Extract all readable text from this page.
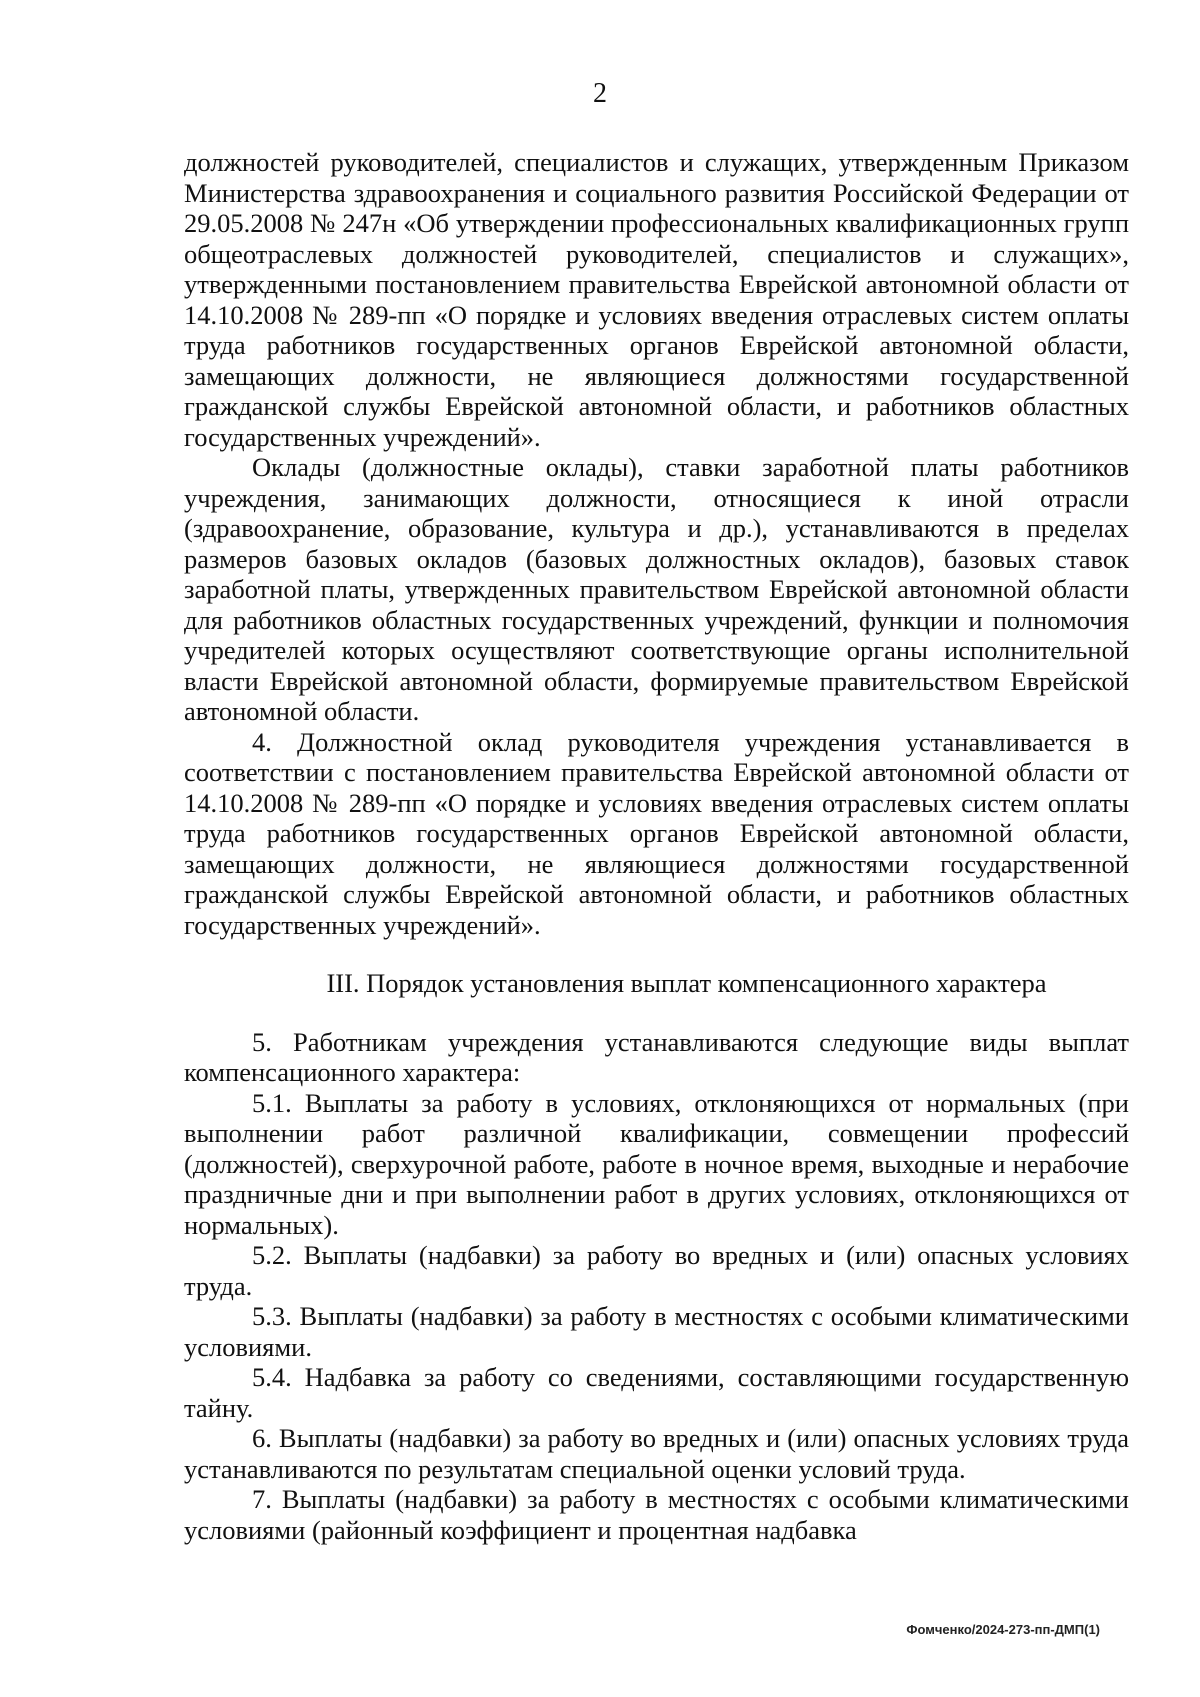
2

должностей руководителей, специалистов и служащих, утвержденным Приказом Министерства здравоохранения и социального развития Российской Федерации от 29.05.2008 № 247н «Об утверждении профессиональных квалификационных групп общеотраслевых должностей руководителей, специалистов и служащих», утвержденными постановлением правительства Еврейской автономной области от 14.10.2008 № 289-пп «О порядке и условиях введения отраслевых систем оплаты труда работников государственных органов Еврейской автономной области, замещающих должности, не являющиеся должностями государственной гражданской службы Еврейской автономной области, и работников областных государственных учреждений».

Оклады (должностные оклады), ставки заработной платы работников учреждения, занимающих должности, относящиеся к иной отрасли (здравоохранение, образование, культура и др.), устанавливаются в пределах размеров базовых окладов (базовых должностных окладов), базовых ставок заработной платы, утвержденных правительством Еврейской автономной области для работников областных государственных учреждений, функции и полномочия учредителей которых осуществляют соответствующие органы исполнительной власти Еврейской автономной области, формируемые правительством Еврейской автономной области.

4. Должностной оклад руководителя учреждения устанавливается в соответствии с постановлением правительства Еврейской автономной области от 14.10.2008 № 289-пп «О порядке и условиях введения отраслевых систем оплаты труда работников государственных органов Еврейской автономной области, замещающих должности, не являющиеся должностями государственной гражданской службы Еврейской автономной области, и работников областных государственных учреждений».

III. Порядок установления выплат компенсационного характера

5. Работникам учреждения устанавливаются следующие виды выплат компенсационного характера:

5.1. Выплаты за работу в условиях, отклоняющихся от нормальных (при выполнении работ различной квалификации, совмещении профессий (должностей), сверхурочной работе, работе в ночное время, выходные и нерабочие праздничные дни и при выполнении работ в других условиях, отклоняющихся от нормальных).

5.2. Выплаты (надбавки) за работу во вредных и (или) опасных условиях труда.

5.3. Выплаты (надбавки) за работу в местностях с особыми климатическими условиями.

5.4. Надбавка за работу со сведениями, составляющими государственную тайну.

6. Выплаты (надбавки) за работу во вредных и (или) опасных условиях труда устанавливаются по результатам специальной оценки условий труда.

7. Выплаты (надбавки) за работу в местностях с особыми климатическими условиями (районный коэффициент и процентная надбавка

Фомченко/2024-273-пп-ДМП(1)
